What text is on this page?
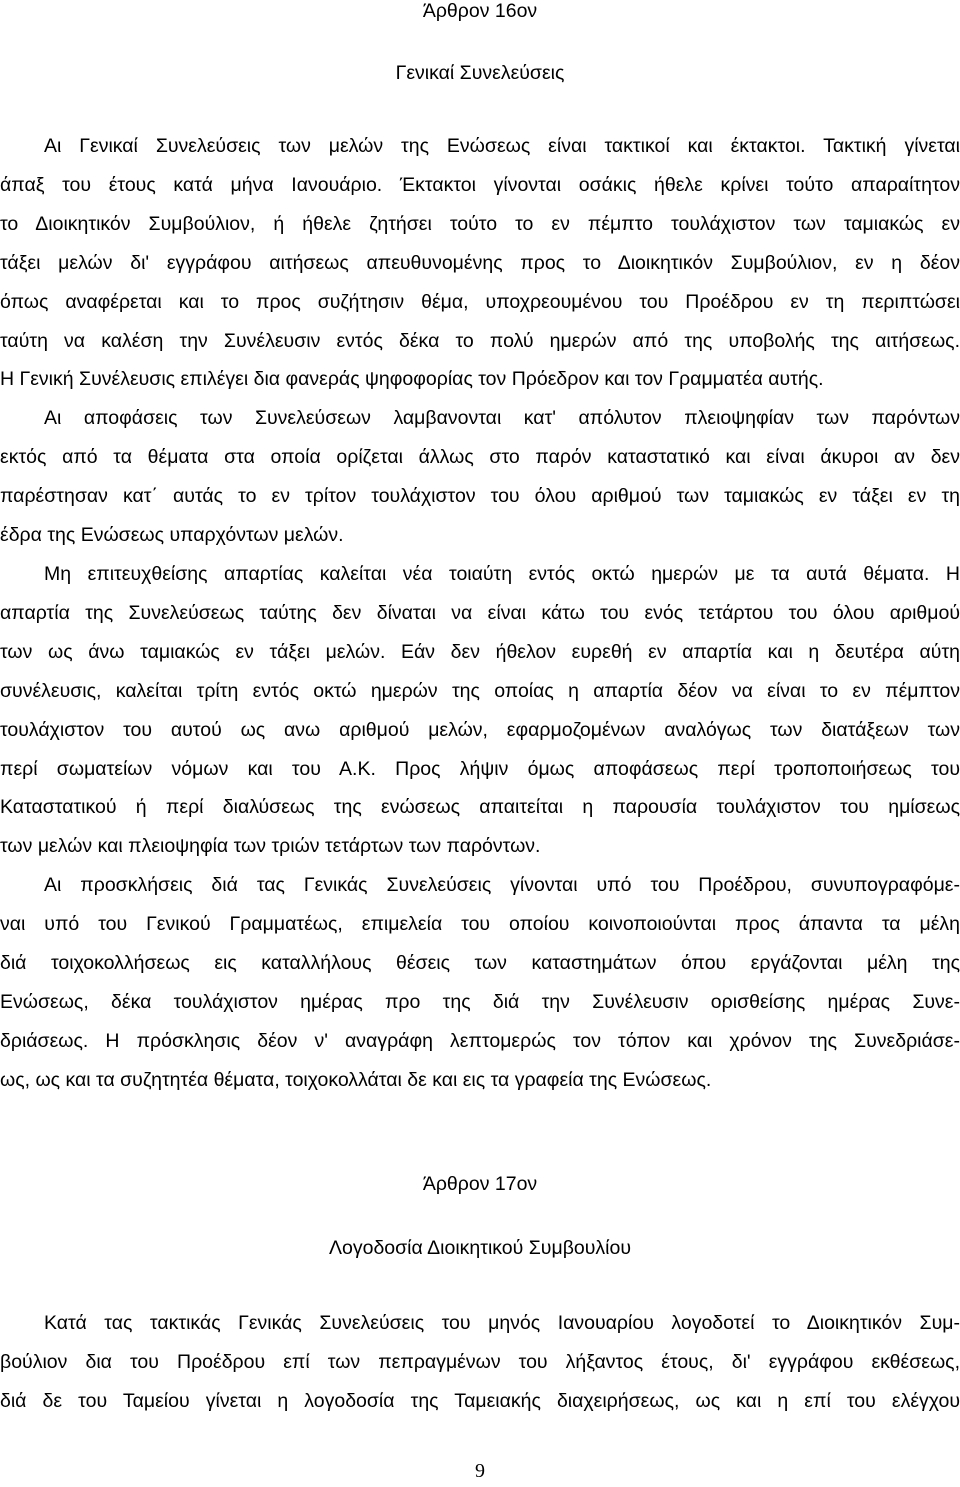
Άρθρον 16ον
Γενικαί Συνελεύσεις
Αι Γενικαί Συνελεύσεις των μελών της Ενώσεως είναι τακτικοί και έκτακτοι. Τακτική γίνεται
άπαξ του έτους κατά μήνα Ιανουάριο. Έκτακτοι γίνονται οσάκις ήθελε κρίνει τούτο απαραίτητον
το Διοικητικόν Συμβούλιον, ή ήθελε ζητήσει τούτο το εν πέμπτο τουλάχιστον των ταμιακώς εν
τάξει μελών δι' εγγράφου αιτήσεως απευθυνομένης προς το Διοικητικόν Συμβούλιον, εν η δέον
όπως αναφέρεται και το προς συζήτησιν θέμα, υποχρεουμένου του Προέδρου εν τη περιπτώσει
ταύτη να καλέση την Συνέλευσιν εντός δέκα το πολύ ημερών από της υποβολής της αιτήσεως.
Η Γενική Συνέλευσις επιλέγει δια φανεράς ψηφοφορίας τον Πρόεδρον και τον Γραμματέα αυτής.
Αι αποφάσεις των Συνελεύσεων λαμβανονται κατ' απόλυτον πλειοψηφίαν των παρόντων
εκτός από τα θέματα στα οποία ορίζεται άλλως στο παρόν καταστατικό και είναι άκυροι αν δεν
παρέστησαν κατ΄ αυτάς το εν τρίτον τουλάχιστον του όλου αριθμού των ταμιακώς εν τάξει εν τη
έδρα της Ενώσεως υπαρχόντων μελών.
Μη επιτευχθείσης απαρτίας καλείται νέα τοιαύτη εντός οκτώ ημερών με τα αυτά θέματα. Η
απαρτία της Συνελεύσεως ταύτης δεν δίναται να είναι κάτω του ενός τετάρτου του όλου αριθμού
των ως άνω ταμιακώς εν τάξει μελών. Εάν δεν ήθελον ευρεθή εν απαρτία και η δευτέρα αύτη
συνέλευσις, καλείται τρίτη εντός οκτώ ημερών της οποίας η απαρτία δέον να είναι το εν πέμπτον
τουλάχιστον του αυτού ως ανω αριθμού μελών, εφαρμοζομένων αναλόγως των διατάξεων των
περί σωματείων νόμων και του Α.Κ. Προς λήψιν όμως αποφάσεως περί τροποποιήσεως του
Καταστατικού ή περί διαλύσεως της ενώσεως απαιτείται η παρουσία τουλάχιστον του ημίσεως
των μελών και πλειοψηφία των τριών τετάρτων των παρόντων.
Αι προσκλήσεις διά τας Γενικάς Συνελεύσεις γίνονται υπό του Προέδρου, συνυπογραφόμε-
ναι υπό του Γενικού Γραμματέως, επιμελεία του οποίου κοινοποιούνται προς άπαντα τα μέλη
διά τοιχοκολλήσεως εις καταλλήλους θέσεις των καταστημάτων όπου εργάζονται μέλη της
Ενώσεως, δέκα τουλάχιστον ημέρας προ της διά την Συνέλευσιν ορισθείσης ημέρας Συνε-
δριάσεως. Η πρόσκλησις δέον ν' αναγράφη λεπτομερώς τον τόπον και χρόνον της Συνεδριάσε-
ως, ως και τα συζητητέα θέματα, τοιχοκολλάται δε και εις τα γραφεία της Ενώσεως.
Άρθρον 17ον
Λογοδοσία Διοικητικού Συμβουλίου
Κατά τας τακτικάς Γενικάς Συνελεύσεις του μηνός Ιανουαρίου λογοδοτεί το Διοικητικόν Συμ-
βούλιον δια του Προέδρου επί των πεπραγμένων του λήξαντος έτους, δι' εγγράφου εκθέσεως,
διά δε του Ταμείου γίνεται η λογοδοσία της Ταμειακής διαχειρήσεως, ως και η επί του ελέγχου
9
